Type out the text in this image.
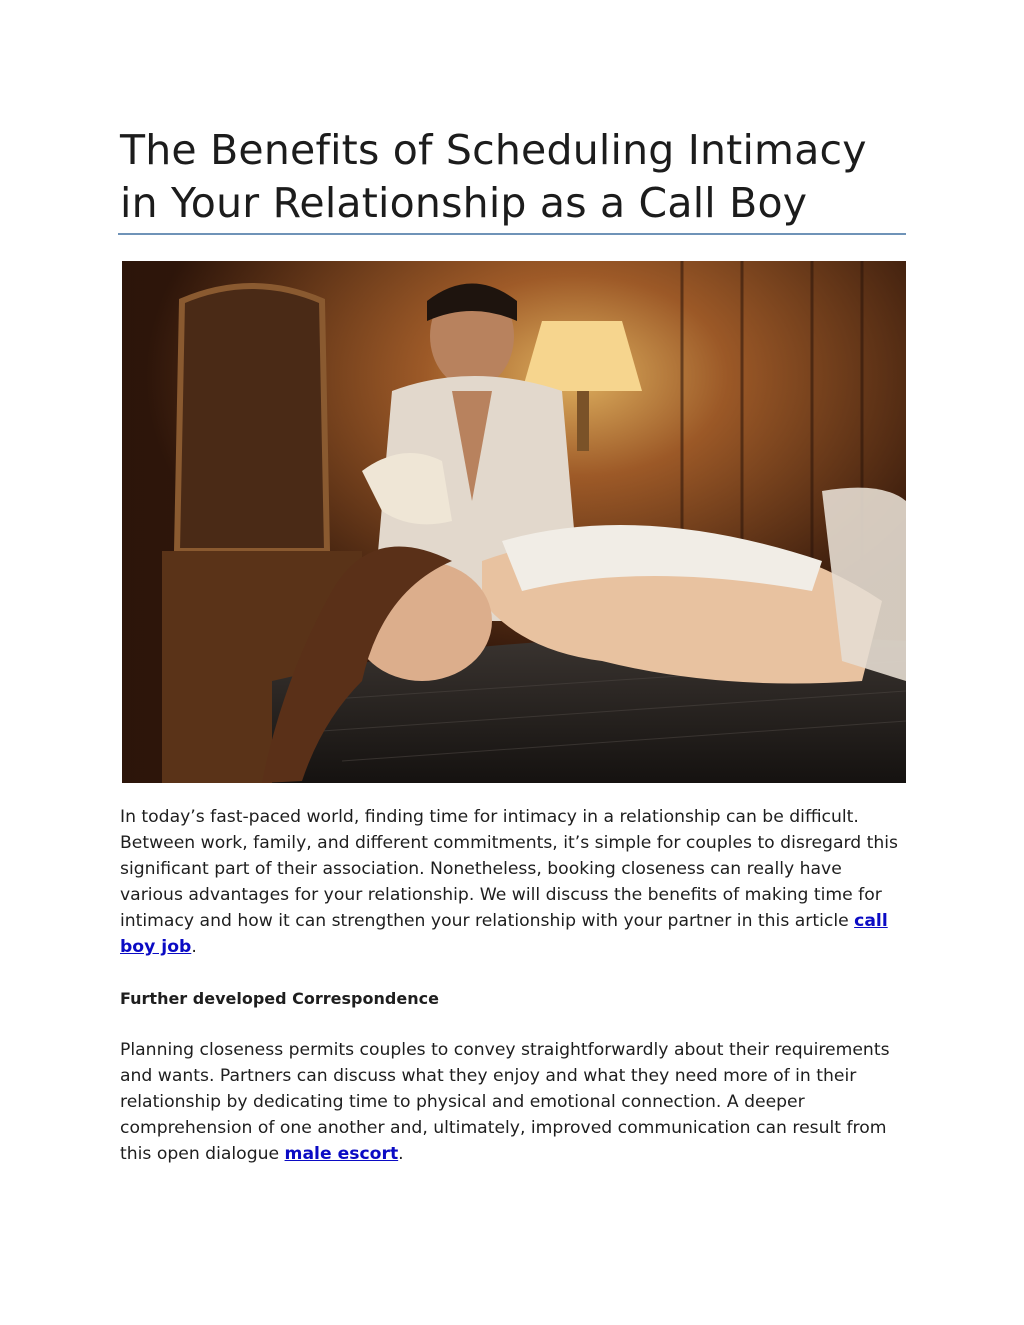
The Benefits of Scheduling Intimacy in Your Relationship as a Call Boy

In today’s fast-paced world, finding time for intimacy in a relationship can be difficult. Between work, family, and different commitments, it’s simple for couples to disregard this significant part of their association. Nonetheless, booking closeness can really have various advantages for your relationship. We will discuss the benefits of making time for intimacy and how it can strengthen your relationship with your partner in this article call boy job.

Further developed Correspondence

Planning closeness permits couples to convey straightforwardly about their requirements and wants. Partners can discuss what they enjoy and what they need more of in their relationship by dedicating time to physical and emotional connection. A deeper comprehension of one another and, ultimately, improved communication can result from this open dialogue male escort.
